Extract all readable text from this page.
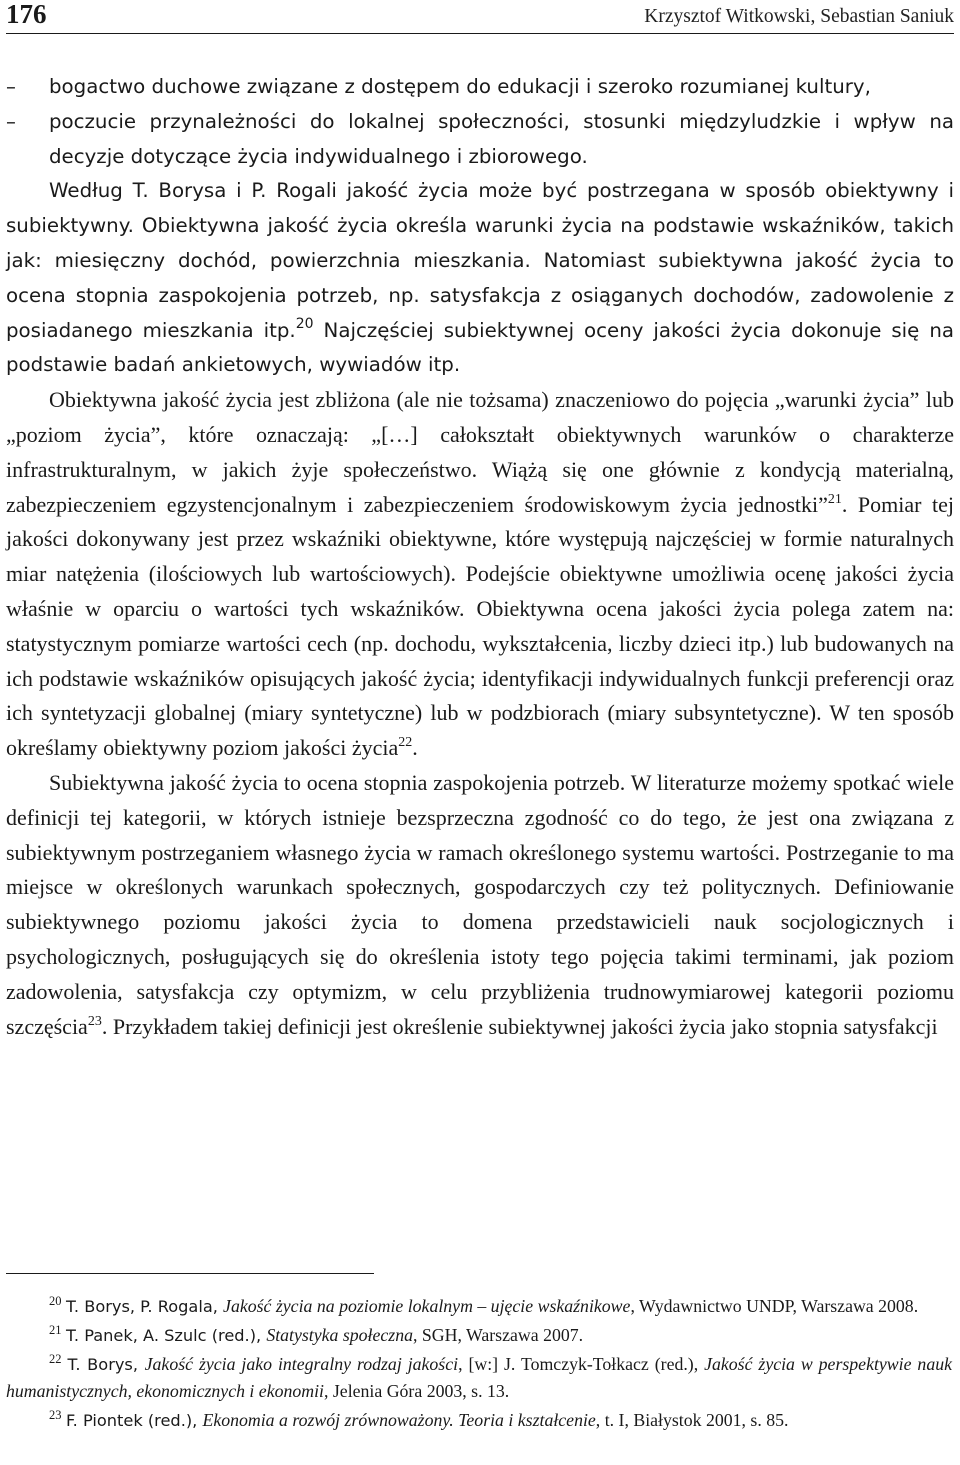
176	Krzysztof Witkowski, Sebastian Saniuk
– bogactwo duchowe związane z dostępem do edukacji i szeroko rozumianej kultury,
– poczucie przynależności do lokalnej społeczności, stosunki międzyludzkie i wpływ na decyzje dotyczące życia indywidualnego i zbiorowego.

Według T. Borysa i P. Rogali jakość życia może być postrzegana w sposób obiektywny i subiektywny. Obiektywna jakość życia określa warunki życia na podstawie wskaźników, takich jak: miesięczny dochód, powierzchnia mieszkania. Natomiast subiektywna jakość życia to ocena stopnia zaspokojenia potrzeb, np. satysfakcja z osiąganych dochodów, zadowolenie z posiadanego mieszkania itp.$^{20}$ Najczęściej subiektywnej oceny jakości życia dokonuje się na podstawie badań ankietowych, wywiadów itp.

Obiektywna jakość życia jest zbliżona (ale nie tożsama) znaczeniowo do pojęcia „warunki życia” lub „poziom życia”, które oznaczają: „[…] całokształt obiektywnych warunków o charakterze infrastrukturalnym, w jakich żyje społeczeństwo. Wiążą się one głównie z kondycją materialną, zabezpieczeniem egzystencjonalnym i zabezpieczeniem środowiskowym życia jednostki”$^{21}$. Pomiar tej jakości dokonywany jest przez wskaźniki obiektywne, które występują najczęściej w formie naturalnych miar natężenia (ilościowych lub wartościowych). Podejście obiektywne umożliwia ocenę jakości życia właśnie w oparciu o wartości tych wskaźników. Obiektywna ocena jakości życia polega zatem na: statystycznym pomiarze wartości cech (np. dochodu, wykształcenia, liczby dzieci itp.) lub budowanych na ich podstawie wskaźników opisujących jakość życia; identyfikacji indywidualnych funkcji preferencji oraz ich syntetyzacji globalnej (miary syntetyczne) lub w podzbiorach (miary subsyntetyczne). W ten sposób określamy obiektywny poziom jakości życia$^{22}$.

Subiektywna jakość życia to ocena stopnia zaspokojenia potrzeb. W literaturze możemy spotkać wiele definicji tej kategorii, w których istnieje bezsprzeczna zgodność co do tego, że jest ona związana z subiektywnym postrzeganiem własnego życia w ramach określonego systemu wartości. Postrzeganie to ma miejsce w określonych warunkach społecznych, gospodarczych czy też politycznych. Definiowanie subiektywnego poziomu jakości życia to domena przedstawicieli nauk socjologicznych i psychologicznych, posługujących się do określenia istoty tego pojęcia takimi terminami, jak poziom zadowolenia, satysfakcja czy optymizm, w celu przybliżenia trudnowymiarowej kategorii poziomu szczęścia$^{23}$. Przykładem takiej definicji jest określenie subiektywnej jakości życia jako stopnia satysfakcji

$^{20}$ T. Borys, P. Rogala, Jakość życia na poziomie lokalnym – ujęcie wskaźnikowe, Wydawnictwo UNDP, Warszawa 2008.

$^{21}$ T. Panek, A. Szulc (red.), Statystyka społeczna, SGH, Warszawa 2007.

$^{22}$ T. Borys, Jakość życia jako integralny rodzaj jakości, [w:] J. Tomczyk-Tołkacz (red.), Jakość życia w perspektywie nauk humanistycznych, ekonomicznych i ekonomii, Jelenia Góra 2003, s. 13.

$^{23}$ F. Piontek (red.), Ekonomia a rozwój zrównoważony. Teoria i kształcenie, t. I, Białystok 2001, s. 85.
